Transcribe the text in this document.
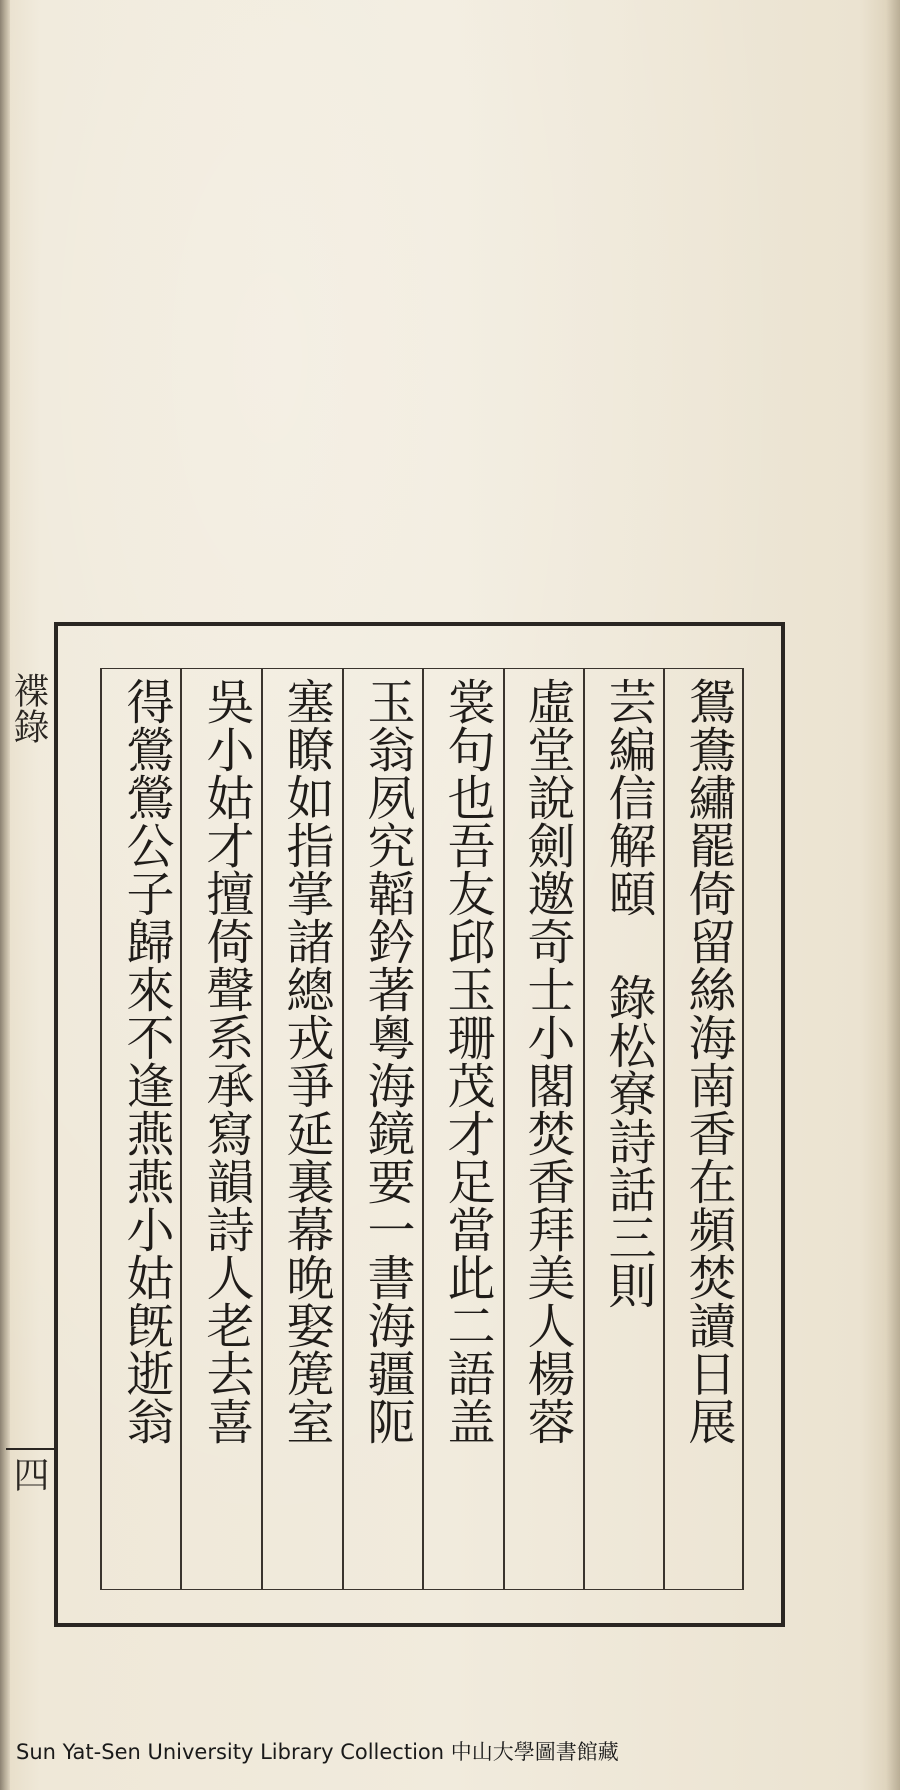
褋錄
四
鴛鴦繡罷倚留絲海南香在頻焚讀日展
芸編信解頤 錄松寮詩話三則
虛堂說劍邀奇士小閣焚香拜美人楊蓉
裳句也吾友邱玉珊茂才足當此二語盖
玉翁夙究韜鈐著粵海鏡要一書海疆阨
塞瞭如指掌諸總戎爭延裏幕晚娶箎室
吳小姑才擅倚聲系承寫韻詩人老去喜
得鶯鶯公子歸來不逢燕燕小姑旣逝翁
Sun Yat-Sen University Library Collection 中山大學圖書館藏
